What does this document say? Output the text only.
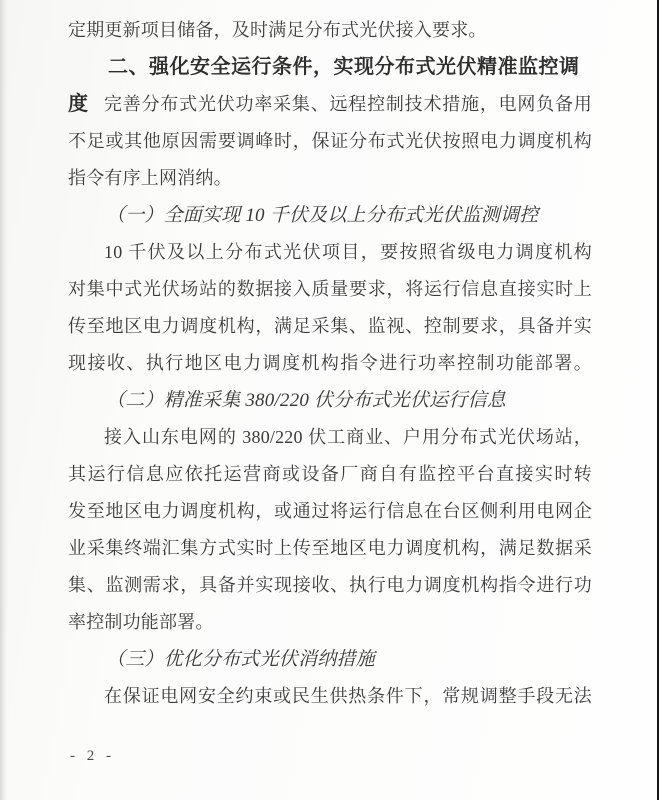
定期更新项目储备，及时满足分布式光伏接入要求。
二、强化安全运行条件，实现分布式光伏精准监控调度 完善分布式光伏功率采集、远程控制技术措施，电网负备用
不足或其他原因需要调峰时，保证分布式光伏按照电力调度机构
指令有序上网消纳。
（一）全面实现 10 千伏及以上分布式光伏监测调控
10 千伏及以上分布式光伏项目，要按照省级电力调度机构
对集中式光伏场站的数据接入质量要求，将运行信息直接实时上
传至地区电力调度机构，满足采集、监视、控制要求，具备并实
现接收、执行地区电力调度机构指令进行功率控制功能部署。
（二）精准采集 380/220 伏分布式光伏运行信息
接入山东电网的 380/220 伏工商业、户用分布式光伏场站，
其运行信息应依托运营商或设备厂商自有监控平台直接实时转
发至地区电力调度机构，或通过将运行信息在台区侧利用电网企
业采集终端汇集方式实时上传至地区电力调度机构，满足数据采
集、监测需求，具备并实现接收、执行电力调度机构指令进行功
率控制功能部署。
（三）优化分布式光伏消纳措施
在保证电网安全约束或民生供热条件下，常规调整手段无法
- 2 -
